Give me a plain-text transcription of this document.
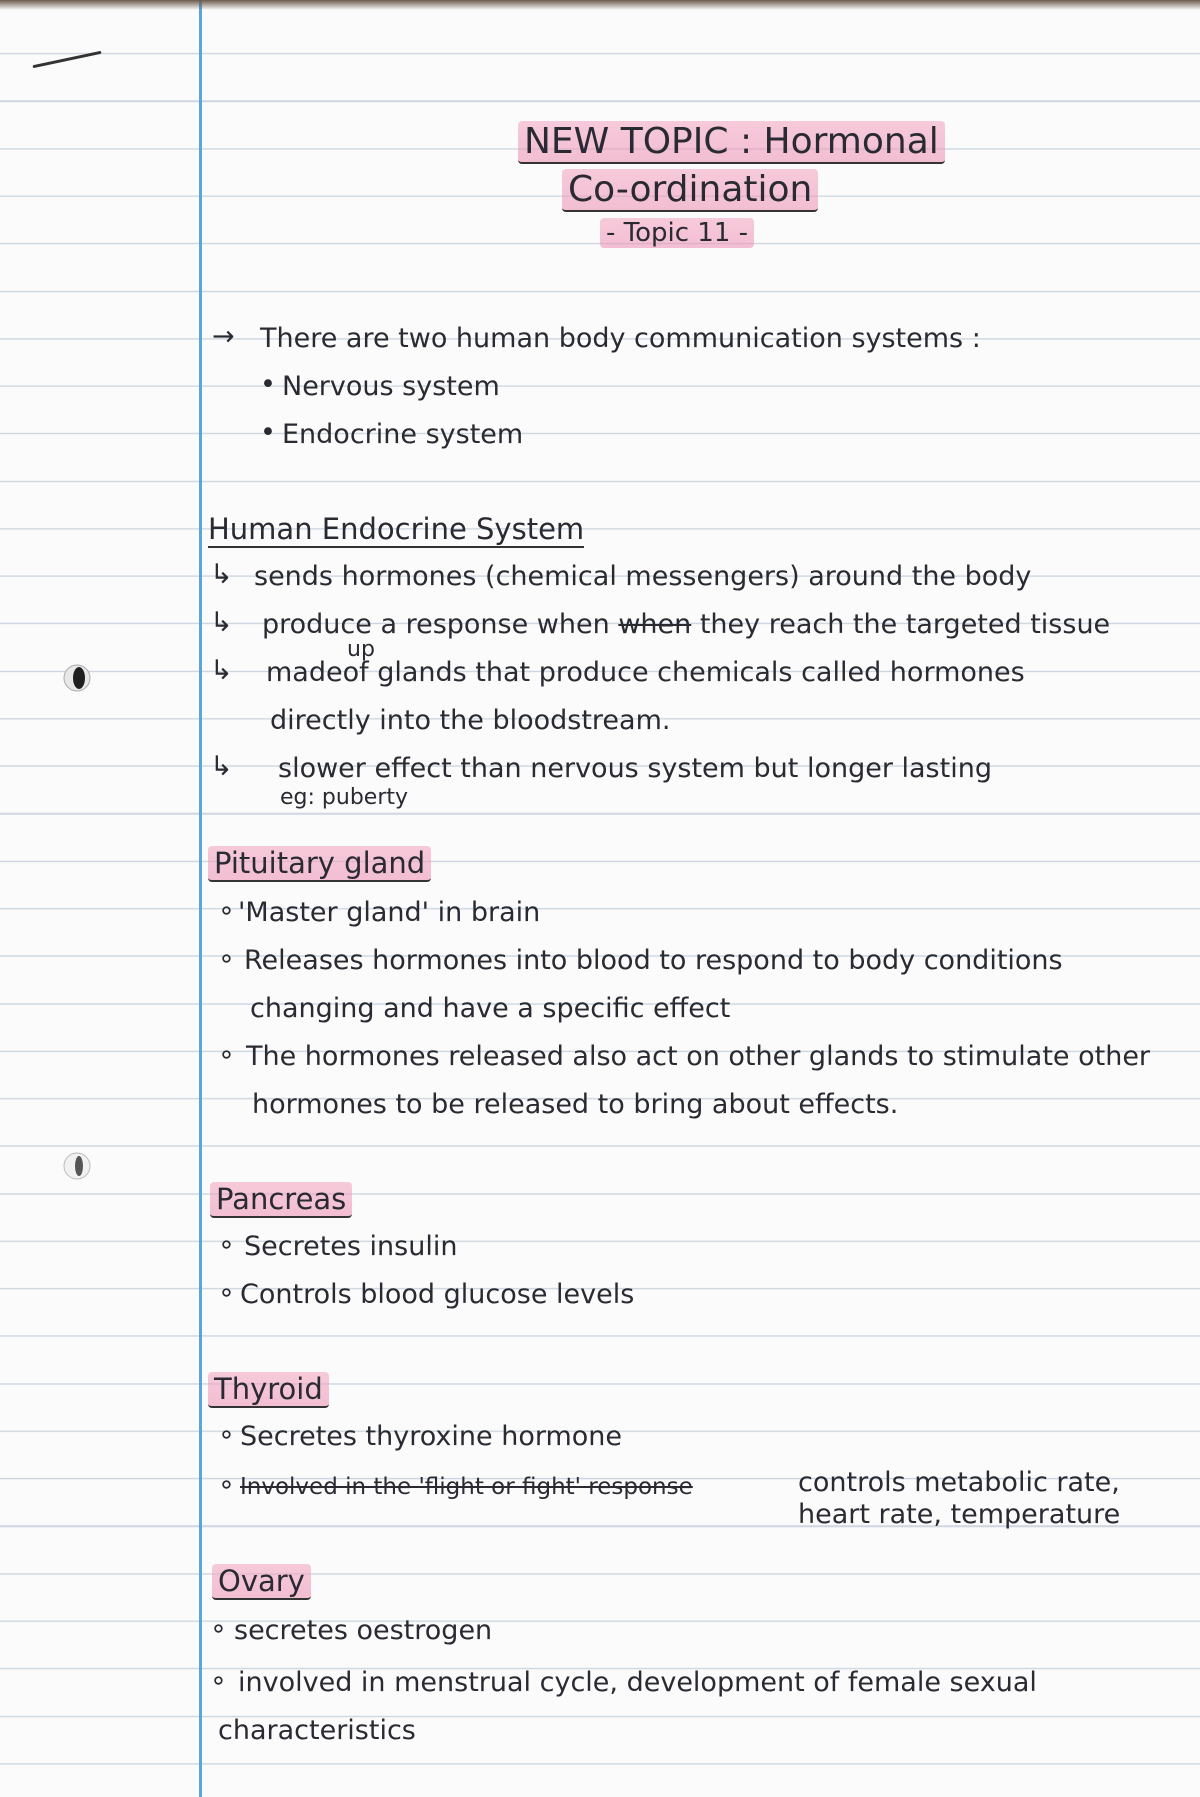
NEW TOPIC : Hormonal
Co-ordination
- Topic 11 -
→ There are two human body communication systems :
• Nervous system
• Endocrine system
Human Endocrine System
↳ sends hormones (chemical messengers) around the body
↳ produce a response when when they reach the targeted tissue
up
↳ madeof glands that produce chemicals called hormones
directly into the bloodstream.
↳ slower effect than nervous system but longer lasting
eg: puberty
Pituitary gland
∘ 'Master gland' in brain
∘ Releases hormones into blood to respond to body conditions
changing and have a specific effect
∘ The hormones released also act on other glands to stimulate other
hormones to be released to bring about effects.
Pancreas
∘ Secretes insulin
∘ Controls blood glucose levels
Thyroid
∘ Secretes thyroxine hormone
∘ Involved in the 'flight or fight' response	controls metabolic rate,
heart rate, temperature
Ovary
∘ secretes oestrogen
∘ involved in menstrual cycle, development of female sexual
characteristics
